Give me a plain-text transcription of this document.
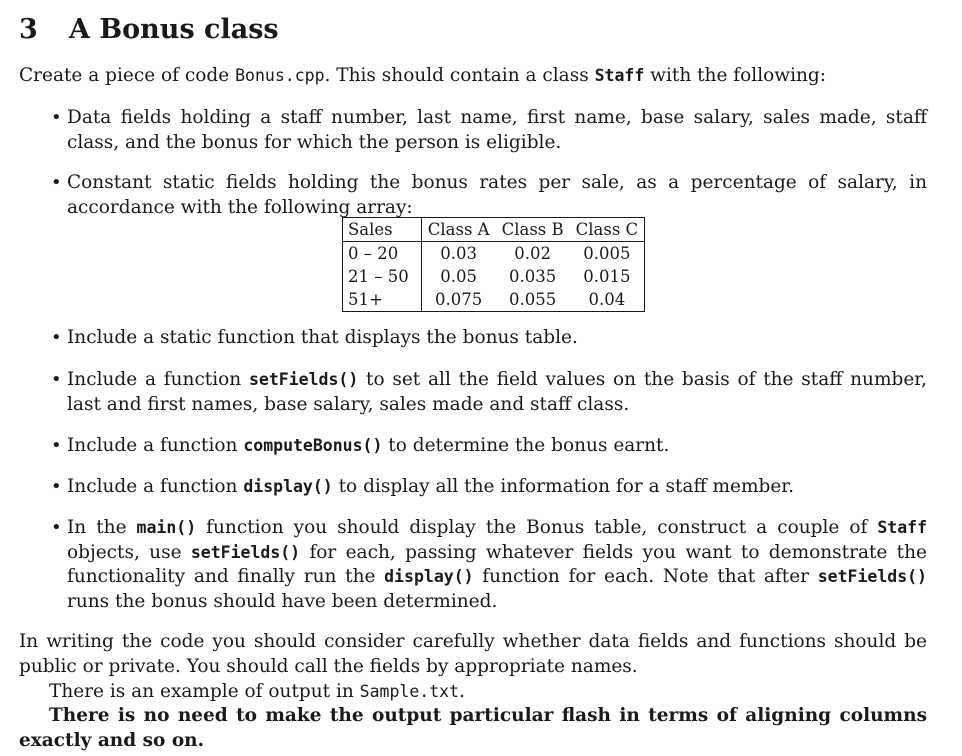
3 A Bonus class
Create a piece of code Bonus.cpp. This should contain a class Staff with the following:
• Data fields holding a staff number, last name, first name, base salary, sales made, staff class, and the bonus for which the person is eligible.
• Constant static fields holding the bonus rates per sale, as a percentage of salary, in accordance with the following array:
• Include a static function that displays the bonus table.
• Include a function setFields() to set all the field values on the basis of the staff number, last and first names, base salary, sales made and staff class.
• Include a function computeBonus() to determine the bonus earnt.
• Include a function display() to display all the information for a staff member.
• In the main() function you should display the Bonus table, construct a couple of Staff objects, use setFields() for each, passing whatever fields you want to demonstrate the functionality and finally run the display() function for each. Note that after setFields() runs the bonus should have been determined.
Sales	Class A	Class B	Class C
0 – 20	0.03	0.02	0.005
21 – 50	0.05	0.035	0.015
51+	0.075	0.055	0.04
In writing the code you should consider carefully whether data fields and functions should be public or private. You should call the fields by appropriate names.
There is an example of output in Sample.txt.
There is no need to make the output particular flash in terms of aligning columns exactly and so on.
